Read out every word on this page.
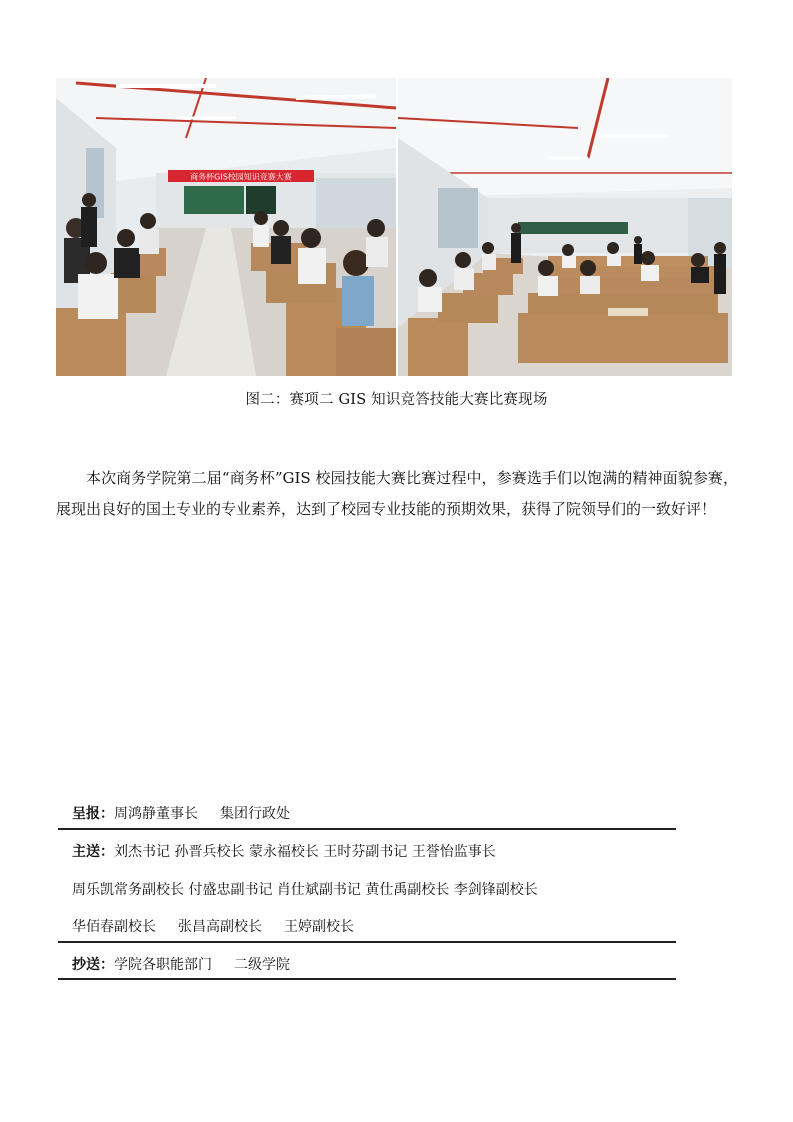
商务杯GIS校园知识竞赛大赛
图二：赛项二 GIS 知识竞答技能大赛比赛现场

本次商务学院第二届“商务杯”GIS 校园技能大赛比赛过程中，参赛选手们以饱满的精神面貌参赛，展现出良好的国土专业的专业素养，达到了校园专业技能的预期效果，获得了院领导们的一致好评！

呈报：周鸿静董事长 集团行政处
主送：刘杰书记 孙晋兵校长 蒙永福校长 王时芬副书记 王誉怡监事长
周乐凯常务副校长 付盛忠副书记 肖仕斌副书记 黄仕禹副校长 李剑锋副校长
华佰春副校长 张昌高副校长 王婷副校长
抄送：学院各职能部门 二级学院
